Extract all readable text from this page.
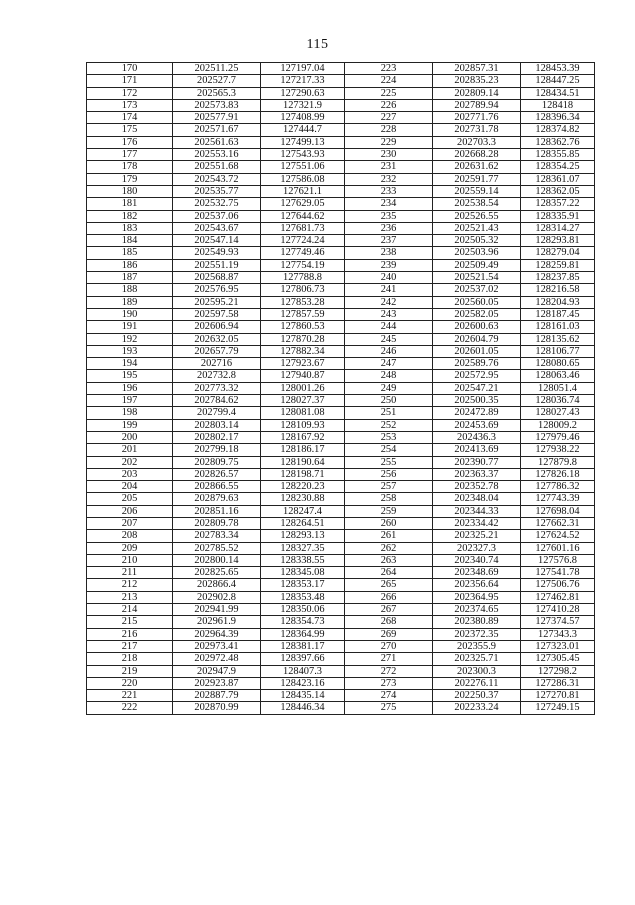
115
170	202511.25	127197.04	223	202857.31	128453.39
171	202527.7	127217.33	224	202835.23	128447.25
172	202565.3	127290.63	225	202809.14	128434.51
173	202573.83	127321.9	226	202789.94	128418
174	202577.91	127408.99	227	202771.76	128396.34
175	202571.67	127444.7	228	202731.78	128374.82
176	202561.63	127499.13	229	202703.3	128362.76
177	202553.16	127543.93	230	202668.28	128355.85
178	202551.68	127551.06	231	202631.62	128354.25
179	202543.72	127586.08	232	202591.77	128361.07
180	202535.77	127621.1	233	202559.14	128362.05
181	202532.75	127629.05	234	202538.54	128357.22
182	202537.06	127644.62	235	202526.55	128335.91
183	202543.67	127681.73	236	202521.43	128314.27
184	202547.14	127724.24	237	202505.32	128293.81
185	202549.93	127749.46	238	202503.96	128279.04
186	202551.19	127754.19	239	202509.49	128259.81
187	202568.87	127788.8	240	202521.54	128237.85
188	202576.95	127806.73	241	202537.02	128216.58
189	202595.21	127853.28	242	202560.05	128204.93
190	202597.58	127857.59	243	202582.05	128187.45
191	202606.94	127860.53	244	202600.63	128161.03
192	202632.05	127870.28	245	202604.79	128135.62
193	202657.79	127882.34	246	202601.05	128106.77
194	202716	127923.67	247	202589.76	128080.65
195	202732.8	127940.87	248	202572.95	128063.46
196	202773.32	128001.26	249	202547.21	128051.4
197	202784.62	128027.37	250	202500.35	128036.74
198	202799.4	128081.08	251	202472.89	128027.43
199	202803.14	128109.93	252	202453.69	128009.2
200	202802.17	128167.92	253	202436.3	127979.46
201	202799.18	128186.17	254	202413.69	127938.22
202	202809.75	128190.64	255	202390.77	127879.8
203	202826.57	128198.71	256	202363.37	127826.18
204	202866.55	128220.23	257	202352.78	127786.32
205	202879.63	128230.88	258	202348.04	127743.39
206	202851.16	128247.4	259	202344.33	127698.04
207	202809.78	128264.51	260	202334.42	127662.31
208	202783.34	128293.13	261	202325.21	127624.52
209	202785.52	128327.35	262	202327.3	127601.16
210	202800.14	128338.55	263	202340.74	127576.8
211	202825.65	128345.08	264	202348.69	127541.78
212	202866.4	128353.17	265	202356.64	127506.76
213	202902.8	128353.48	266	202364.95	127462.81
214	202941.99	128350.06	267	202374.65	127410.28
215	202961.9	128354.73	268	202380.89	127374.57
216	202964.39	128364.99	269	202372.35	127343.3
217	202973.41	128381.17	270	202355.9	127323.01
218	202972.48	128397.66	271	202325.71	127305.45
219	202947.9	128407.3	272	202300.3	127298.2
220	202923.87	128423.16	273	202276.11	127286.31
221	202887.79	128435.14	274	202250.37	127270.81
222	202870.99	128446.34	275	202233.24	127249.15
